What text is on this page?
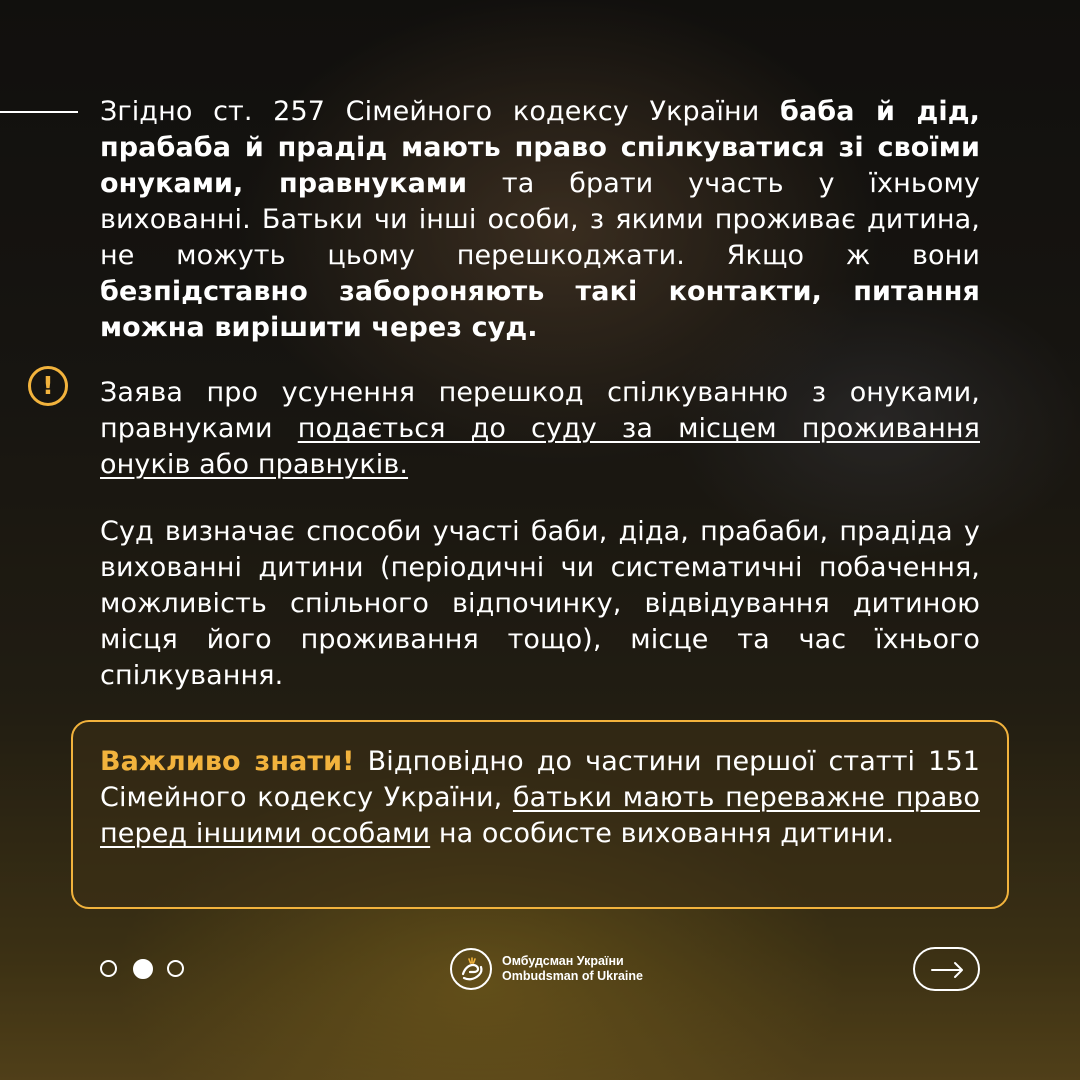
Згідно ст. 257 Сімейного кодексу України баба й дід, прабаба й прадід мають право спілкуватися зі своїми онуками, правнуками та брати участь у їхньому вихованні. Батьки чи інші особи, з якими проживає дитина, не можуть цьому перешкоджати. Якщо ж вони безпідставно забороняють такі контакти, питання можна вирішити через суд.

!	Заява про усунення перешкод спілкуванню з онуками, правнуками подається до суду за місцем проживання онуків або правнуків.

Суд визначає способи участі баби, діда, прабаби, прадіда у вихованні дитини (періодичні чи систематичні побачення, можливість спільного відпочинку, відвідування дитиною місця його проживання тощо), місце та час їхнього спілкування.

Важливо знати! Відповідно до частини першої статті 151 Сімейного кодексу України, батьки мають переважне право перед іншими особами на особисте виховання дитини.

Омбудсман України
Ombudsman of Ukraine
